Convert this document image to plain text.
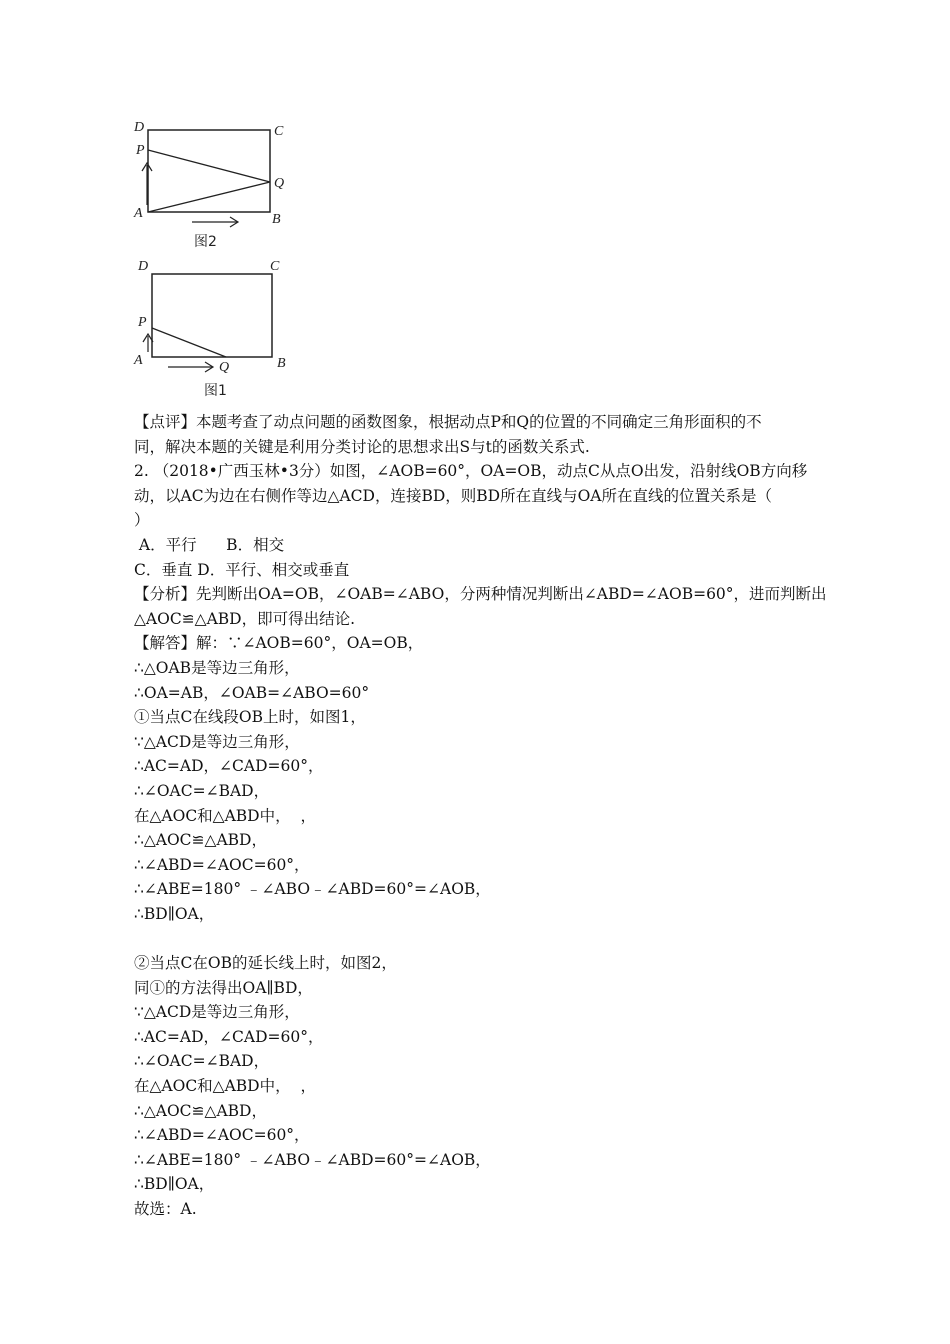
D	C
P
Q
A	B
图2
D	C
P
A	Q	B
图1
【点评】本题考查了动点问题的函数图象，根据动点P和Q的位置的不同确定三角形面积的不
同，解决本题的关键是利用分类讨论的思想求出S与t的函数关系式.
2. （2018•广西玉林•3分）如图，∠AOB=60°，OA=OB，动点C从点O出发，沿射线OB方向移
动，以AC为边在右侧作等边△ACD，连接BD，则BD所在直线与OA所在直线的位置关系是（
）
A．平行      B．相交
C．垂直 D．平行、相交或垂直
【分析】先判断出OA=OB，∠OAB=∠ABO，分两种情况判断出∠ABD=∠AOB=60°，进而判断出
△AOC≌△ABD，即可得出结论.
【解答】解：∵∠AOB=60°，OA=OB，
∴△OAB是等边三角形，
∴OA=AB，∠OAB=∠ABO=60°
①当点C在线段OB上时，如图1，
∵△ACD是等边三角形，
∴AC=AD，∠CAD=60°，
∴∠OAC=∠BAD，
在△AOC和△ABD中，  ，
∴△AOC≌△ABD，
∴∠ABD=∠AOC=60°，
∴∠ABE=180° ﹣∠ABO﹣∠ABD=60°=∠AOB，
∴BD∥OA，
②当点C在OB的延长线上时，如图2，
同①的方法得出OA∥BD，
∵△ACD是等边三角形，
∴AC=AD，∠CAD=60°，
∴∠OAC=∠BAD，
在△AOC和△ABD中，  ，
∴△AOC≌△ABD，
∴∠ABD=∠AOC=60°，
∴∠ABE=180° ﹣∠ABO﹣∠ABD=60°=∠AOB，
∴BD∥OA，
故选：A.
